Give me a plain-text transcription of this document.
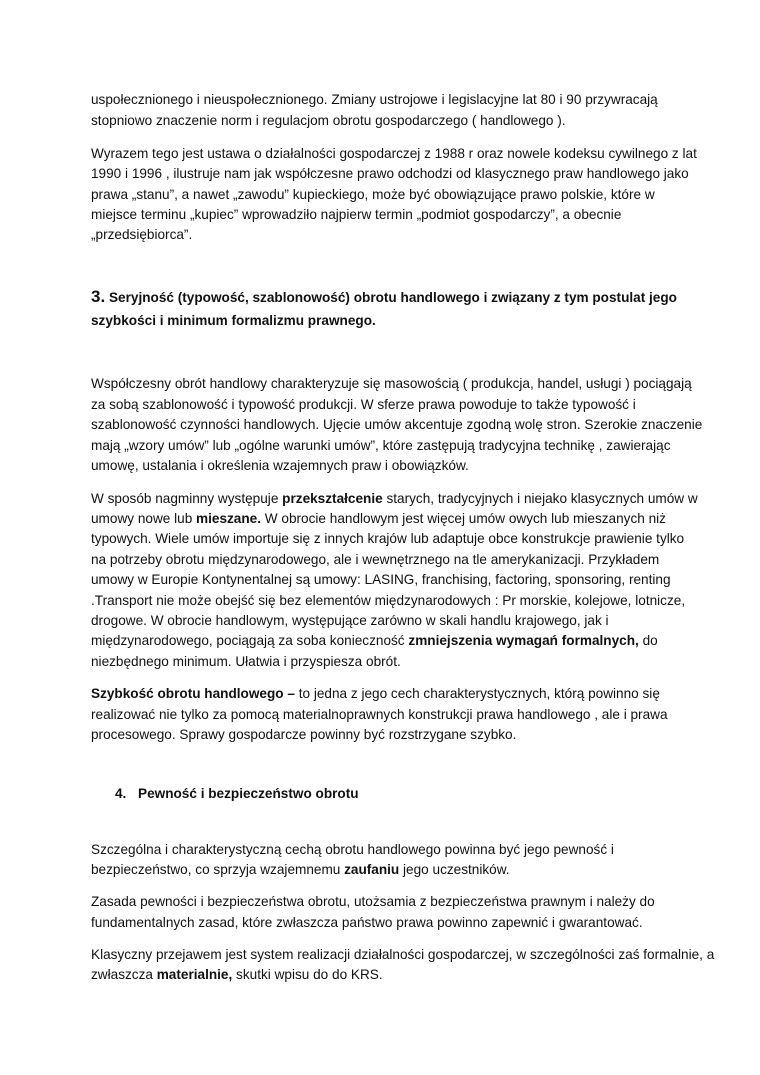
uspołecznionego i nieuspołecznionego. Zmiany ustrojowe i legislacyjne lat 80 i 90 przywracają
stopniowo znaczenie norm i regulacjom obrotu gospodarczego ( handlowego ).
Wyrazem tego jest ustawa o działalności gospodarczej z 1988 r oraz nowele kodeksu cywilnego z lat
1990 i 1996 , ilustruje nam jak współczesne prawo odchodzi od klasycznego praw handlowego jako
prawa „stanu”, a nawet „zawodu” kupieckiego, może być obowiązujące prawo polskie, które w
miejsce terminu „kupiec” wprowadziło najpierw termin „podmiot gospodarczy”, a obecnie
„przedsiębiorca”.
3. Seryjność (typowość, szablonowość) obrotu handlowego i związany z tym postulat jego
szybkości i minimum formalizmu prawnego.
Współczesny obrót handlowy charakteryzuje się masowością ( produkcja, handel, usługi ) pociągają
za sobą szablonowość i typowość produkcji. W sferze prawa powoduje to także typowość i
szablonowość czynności handlowych. Ujęcie umów akcentuje zgodną wolę stron. Szerokie znaczenie
mają „wzory umów” lub „ogólne warunki umów”, które zastępują tradycyjna technikę , zawierając
umowę, ustalania i określenia wzajemnych praw i obowiązków.
W sposób nagminny występuje przekształcenie starych, tradycyjnych i niejako klasycznych umów w
umowy nowe lub mieszane. W obrocie handlowym jest więcej umów owych lub mieszanych niż
typowych. Wiele umów importuje się z innych krajów lub adaptuje obce konstrukcje prawienie tylko
na potrzeby obrotu międzynarodowego, ale i wewnętrznego na tle amerykanizacji. Przykładem
umowy w Europie Kontynentalnej są umowy: LASING, franchising, factoring, sponsoring, renting
.Transport nie może obejść się bez elementów międzynarodowych : Pr morskie, kolejowe, lotnicze,
drogowe. W obrocie handlowym, występujące zarówno w skali handlu krajowego, jak i
międzynarodowego, pociągają za soba konieczność zmniejszenia wymagań formalnych, do
niezbędnego minimum. Ułatwia i przyspiesza obrót.
Szybkość obrotu handlowego – to jedna z jego cech charakterystycznych, którą powinno się
realizować nie tylko za pomocą materialnoprawnych konstrukcji prawa handlowego , ale i prawa
procesowego. Sprawy gospodarcze powinny być rozstrzygane szybko.
4. Pewność i bezpieczeństwo obrotu
Szczególna i charakterystyczną cechą obrotu handlowego powinna być jego pewność i
bezpieczeństwo, co sprzyja wzajemnemu zaufaniu jego uczestników.
Zasada pewności i bezpieczeństwa obrotu, utożsamia z bezpieczeństwa prawnym i należy do
fundamentalnych zasad, które zwłaszcza państwo prawa powinno zapewnić i gwarantować.
Klasyczny przejawem jest system realizacji działalności gospodarczej, w szczególności zaś formalnie, a
zwłaszcza materialnie, skutki wpisu do do KRS.
